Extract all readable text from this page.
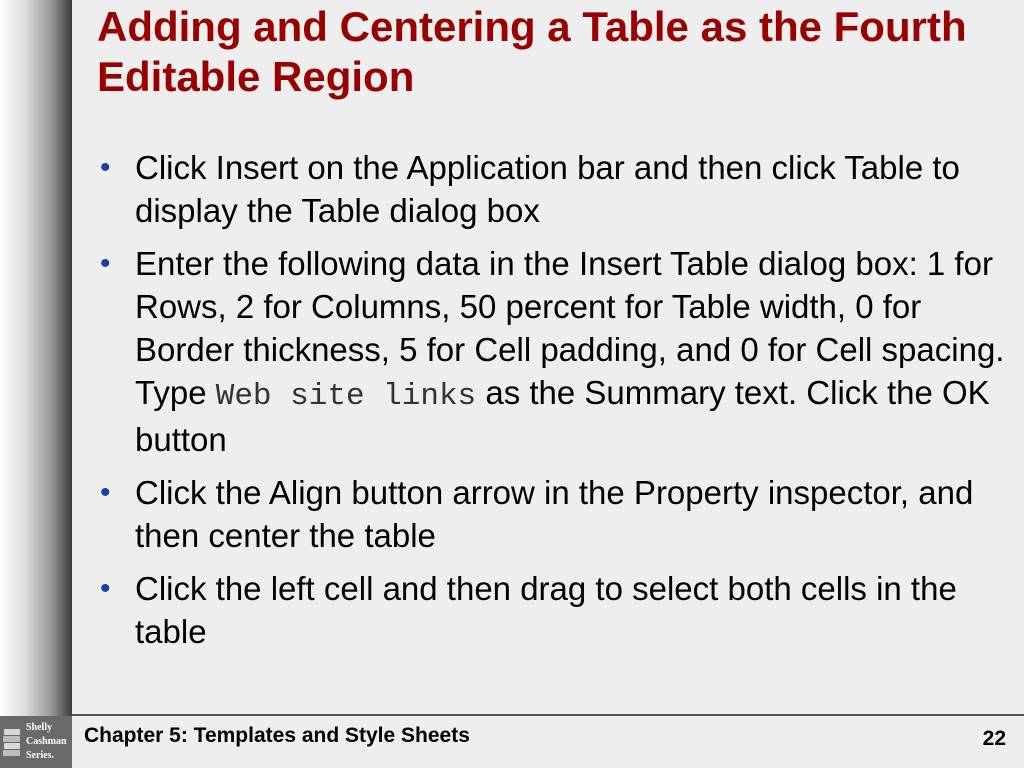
Adding and Centering a Table as the Fourth Editable Region
• Click Insert on the Application bar and then click Table to display the Table dialog box
• Enter the following data in the Insert Table dialog box: 1 for Rows, 2 for Columns, 50 percent for Table width, 0 for Border thickness, 5 for Cell padding, and 0 for Cell spacing. Type Web site links as the Summary text. Click the OK button
• Click the Align button arrow in the Property inspector, and then center the table
• Click the left cell and then drag to select both cells in the table
Shelly
Cashman
Series.
Chapter 5: Templates and Style Sheets	22
